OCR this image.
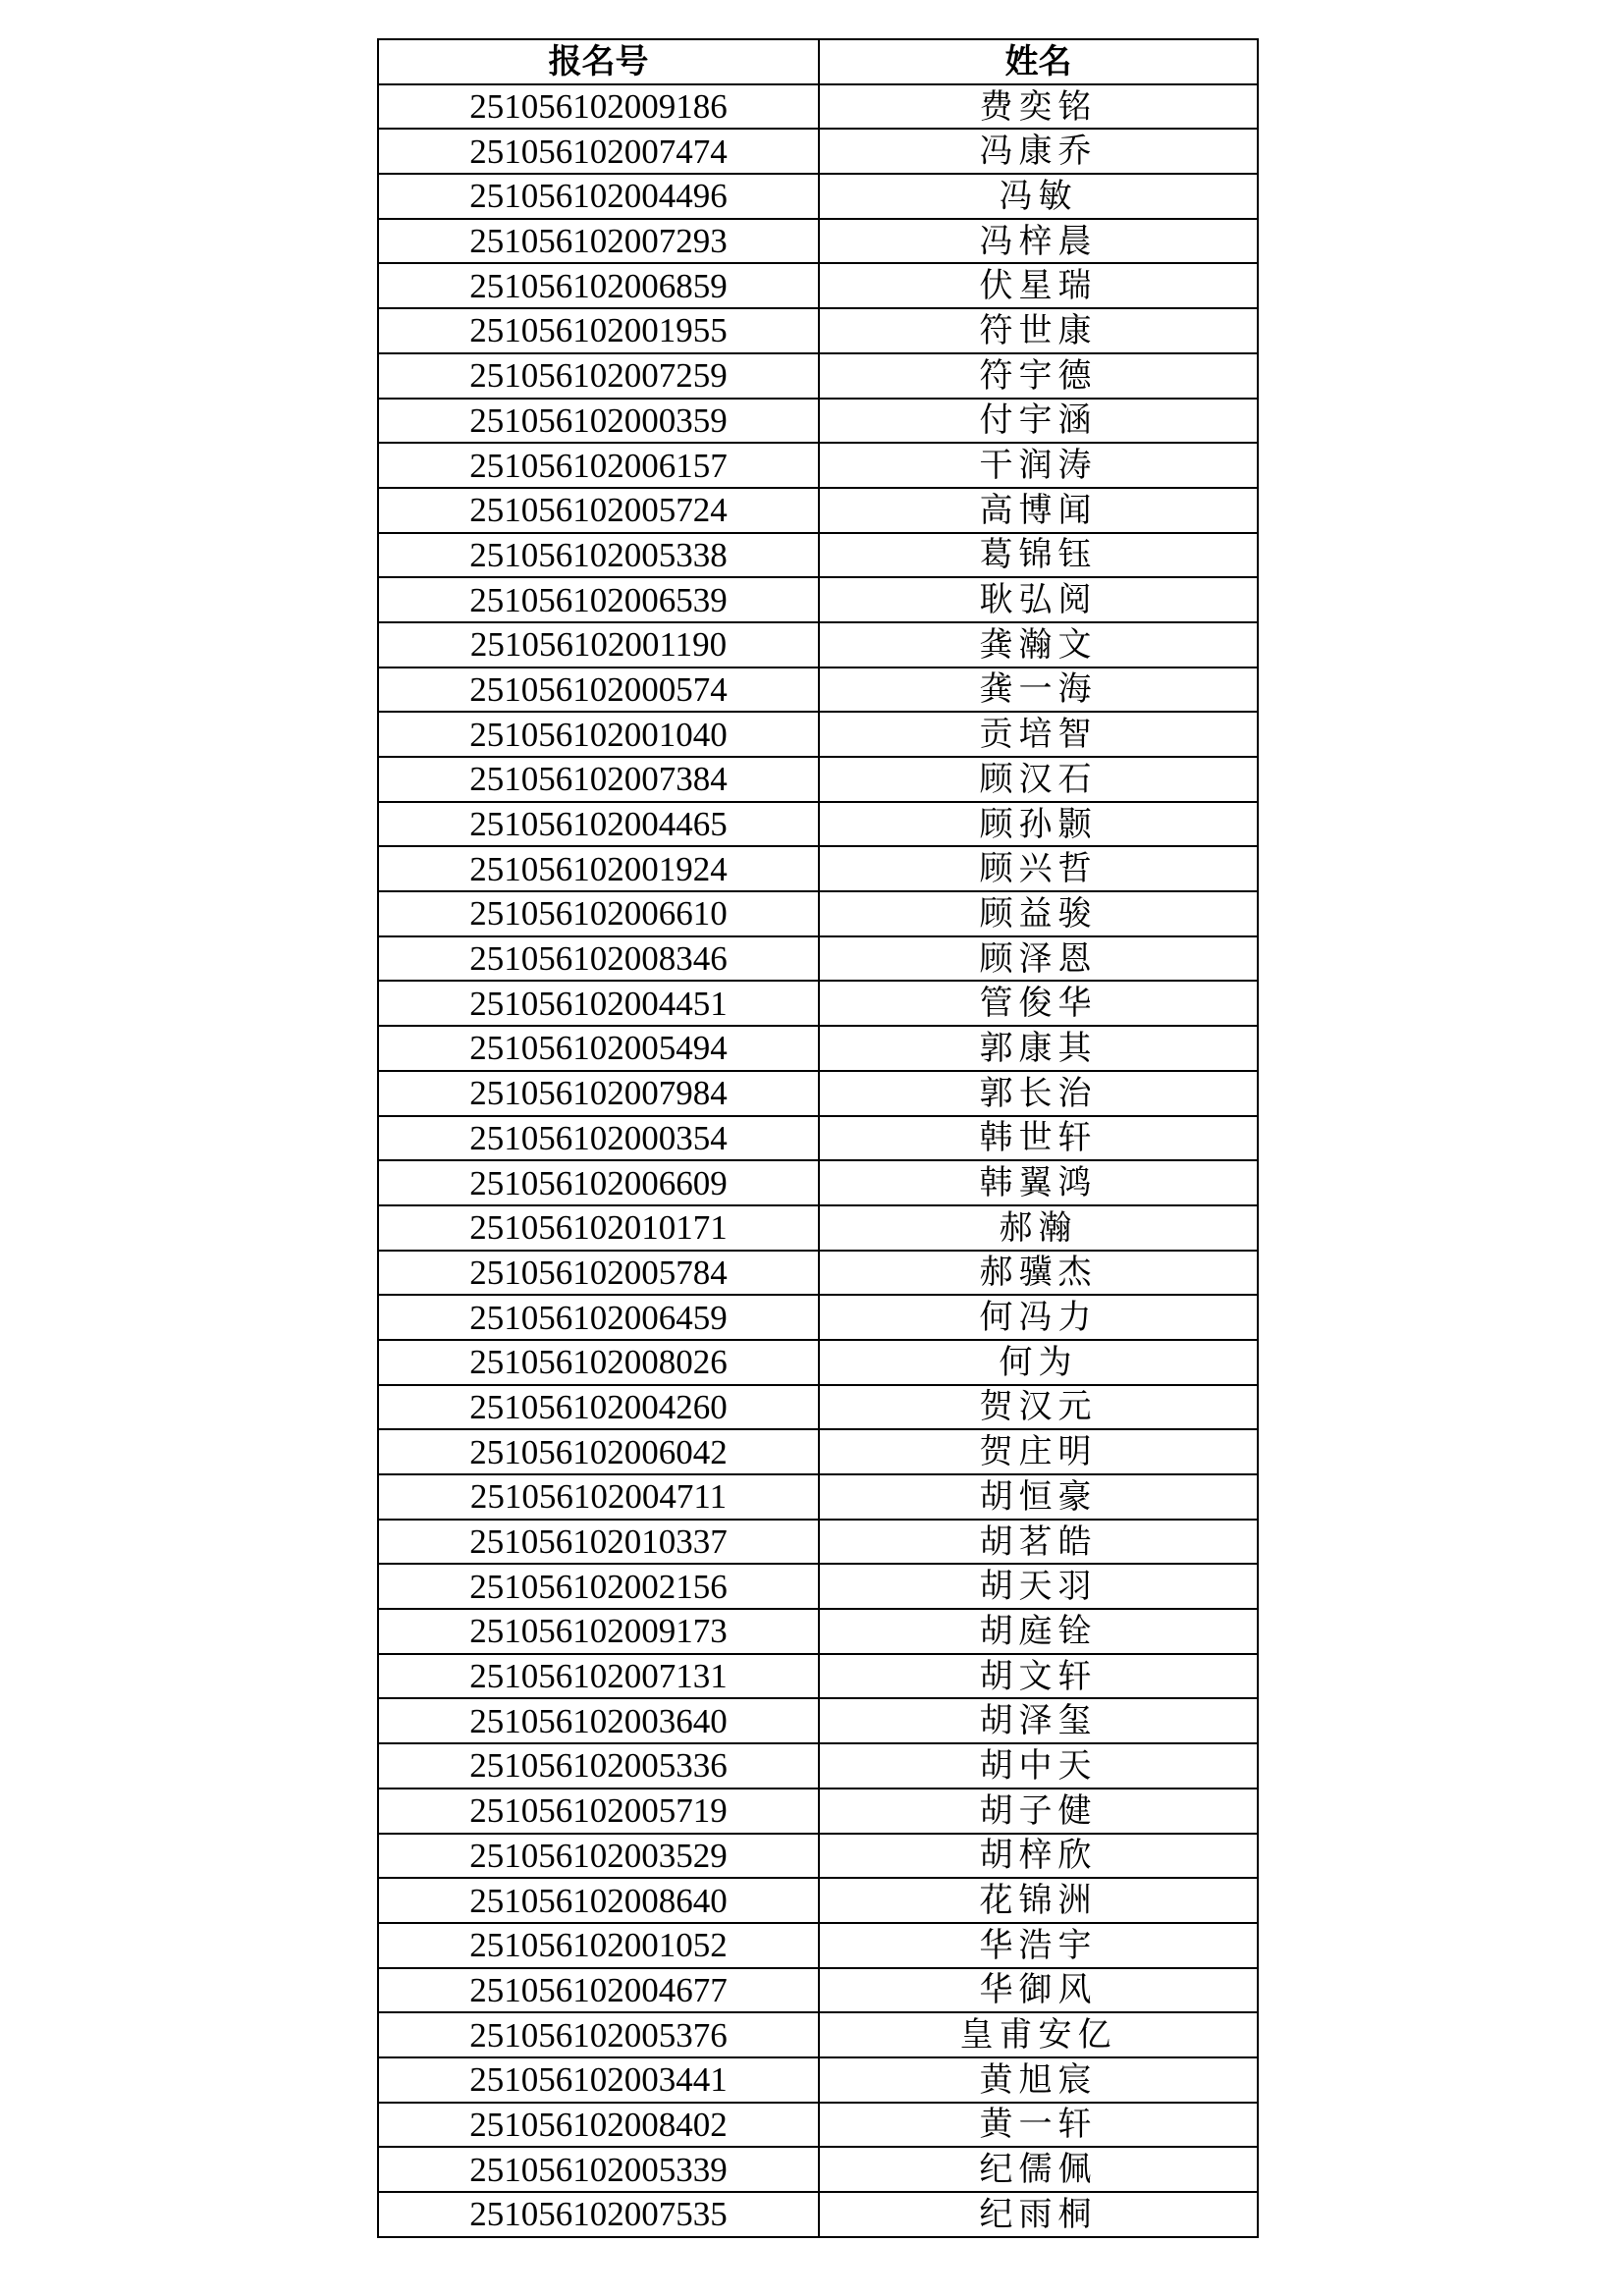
报名号	姓名
251056102009186	费奕铭
251056102007474	冯康乔
251056102004496	冯敏
251056102007293	冯梓晨
251056102006859	伏星瑞
251056102001955	符世康
251056102007259	符宇德
251056102000359	付宇涵
251056102006157	干润涛
251056102005724	高博闻
251056102005338	葛锦钰
251056102006539	耿弘阅
251056102001190	龚瀚文
251056102000574	龚一海
251056102001040	贡培智
251056102007384	顾汉石
251056102004465	顾孙颢
251056102001924	顾兴哲
251056102006610	顾益骏
251056102008346	顾泽恩
251056102004451	管俊华
251056102005494	郭康其
251056102007984	郭长治
251056102000354	韩世轩
251056102006609	韩翼鸿
251056102010171	郝瀚
251056102005784	郝骥杰
251056102006459	何冯力
251056102008026	何为
251056102004260	贺汉元
251056102006042	贺庄明
251056102004711	胡恒豪
251056102010337	胡茗皓
251056102002156	胡天羽
251056102009173	胡庭铨
251056102007131	胡文轩
251056102003640	胡泽玺
251056102005336	胡中天
251056102005719	胡子健
251056102003529	胡梓欣
251056102008640	花锦洲
251056102001052	华浩宇
251056102004677	华御风
251056102005376	皇甫安亿
251056102003441	黄旭宸
251056102008402	黄一轩
251056102005339	纪儒佩
251056102007535	纪雨桐
